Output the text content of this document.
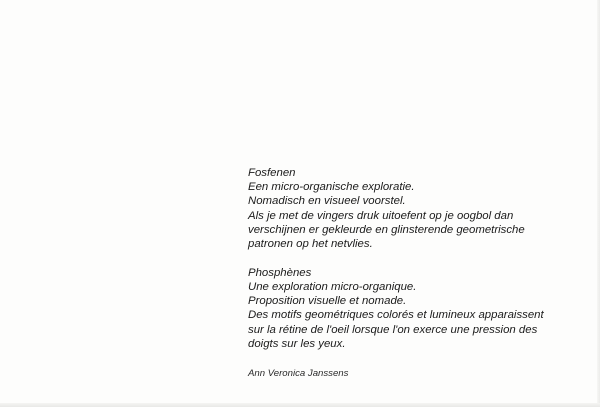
Fosfenen
Een micro-organische exploratie.
Nomadisch en visueel voorstel.
Als je met de vingers druk uitoefent op je oogbol dan
verschijnen er gekleurde en glinsterende geometrische
patronen op het netvlies.

Phosphènes
Une exploration micro-organique.
Proposition visuelle et nomade.
Des motifs geométriques colorés et lumineux apparaissent
sur la rétine de l'oeil lorsque l'on exerce une pression des
doigts sur les yeux.

Ann Veronica Janssens
